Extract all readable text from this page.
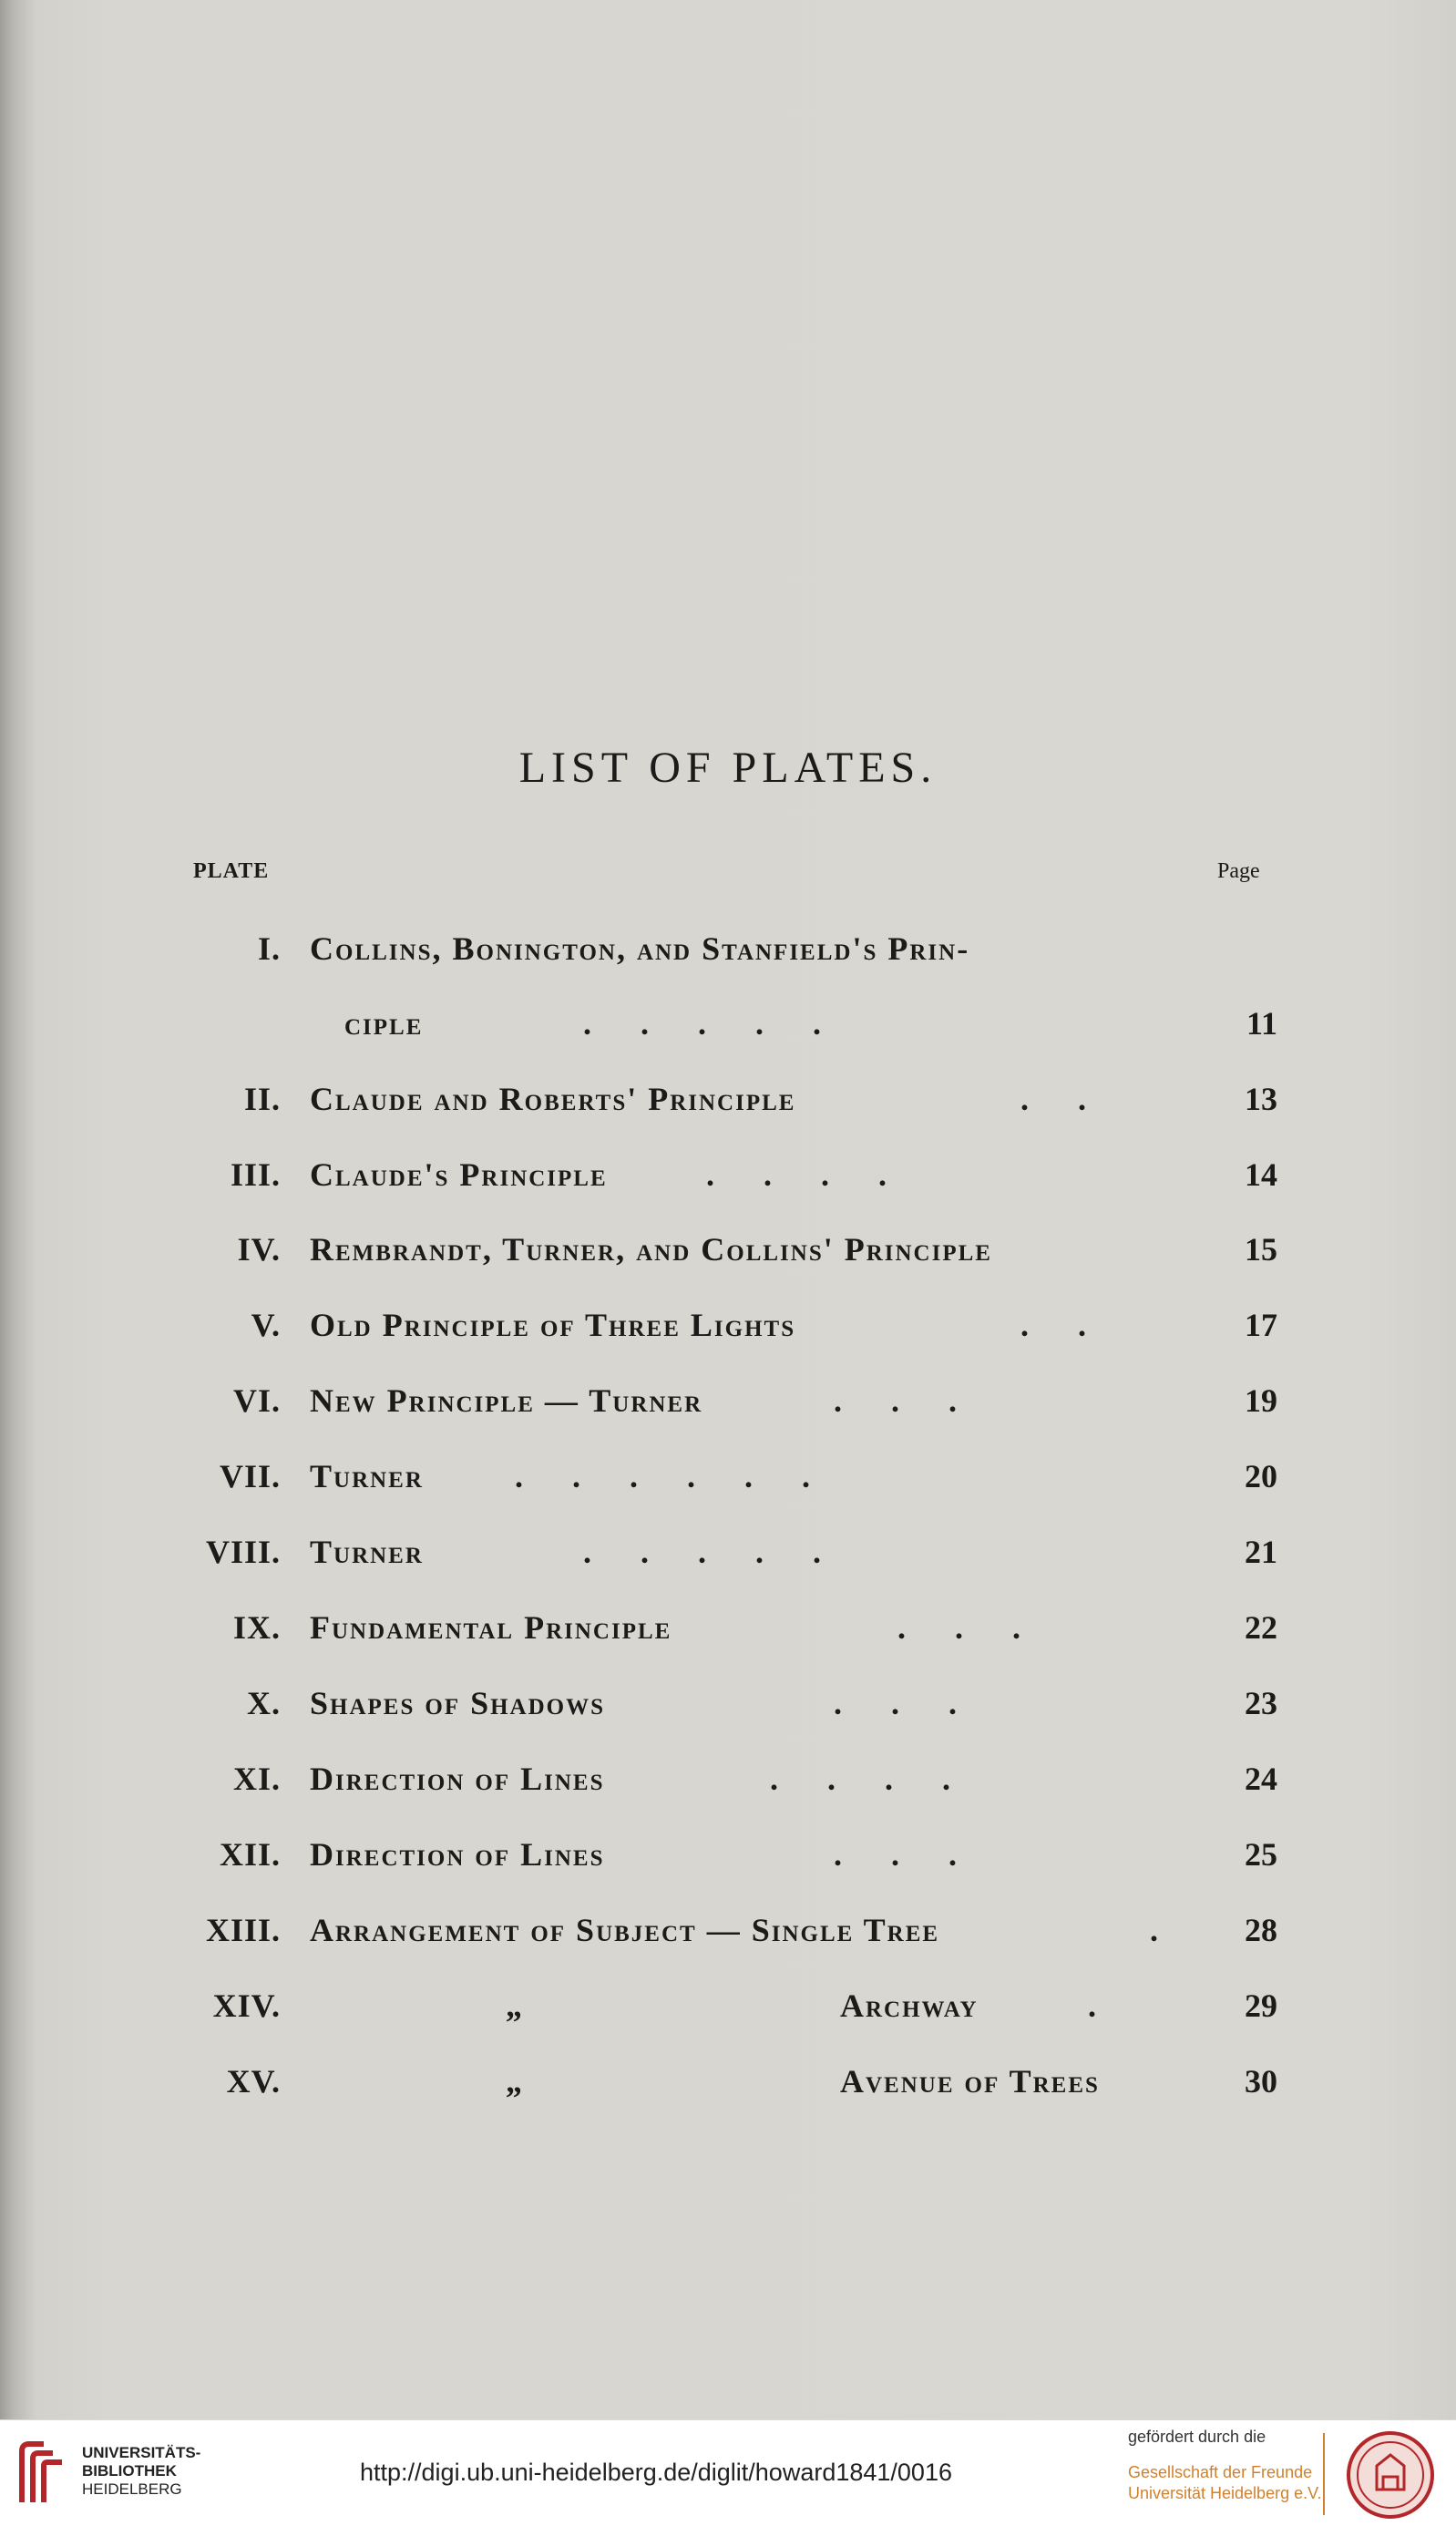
LIST OF PLATES.
PLATE	Page
I. Collins, Bonington, and Stanfield's Prin-
ciple	.      .      .      .      .	11
II. Claude and Roberts' Principle	.      .	13
III. Claude's Principle	.      .      .      .	14
IV. Rembrandt, Turner, and Collins' Principle	15
V. Old Principle of Three Lights	.      .	17
VI. New Principle — Turner	.      .      .	19
VII. Turner	.      .      .      .      .      .	20
VIII. Turner	.      .      .      .      .	21
IX. Fundamental Principle	.      .      .	22
X. Shapes of Shadows	.      .      .	23
XI. Direction of Lines	.      .      .      .	24
XII. Direction of Lines	.      .      .	25
XIII. Arrangement of Subject — Single Tree	.	28
XIV.	„	Archway	.	29
XV.	„	Avenue of Trees	30
UNIVERSITÄTS-
BIBLIOTHEK
HEIDELBERG
http://digi.ub.uni-heidelberg.de/diglit/howard1841/0016
gefördert durch die
Gesellschaft der Freunde
Universität Heidelberg e.V.
